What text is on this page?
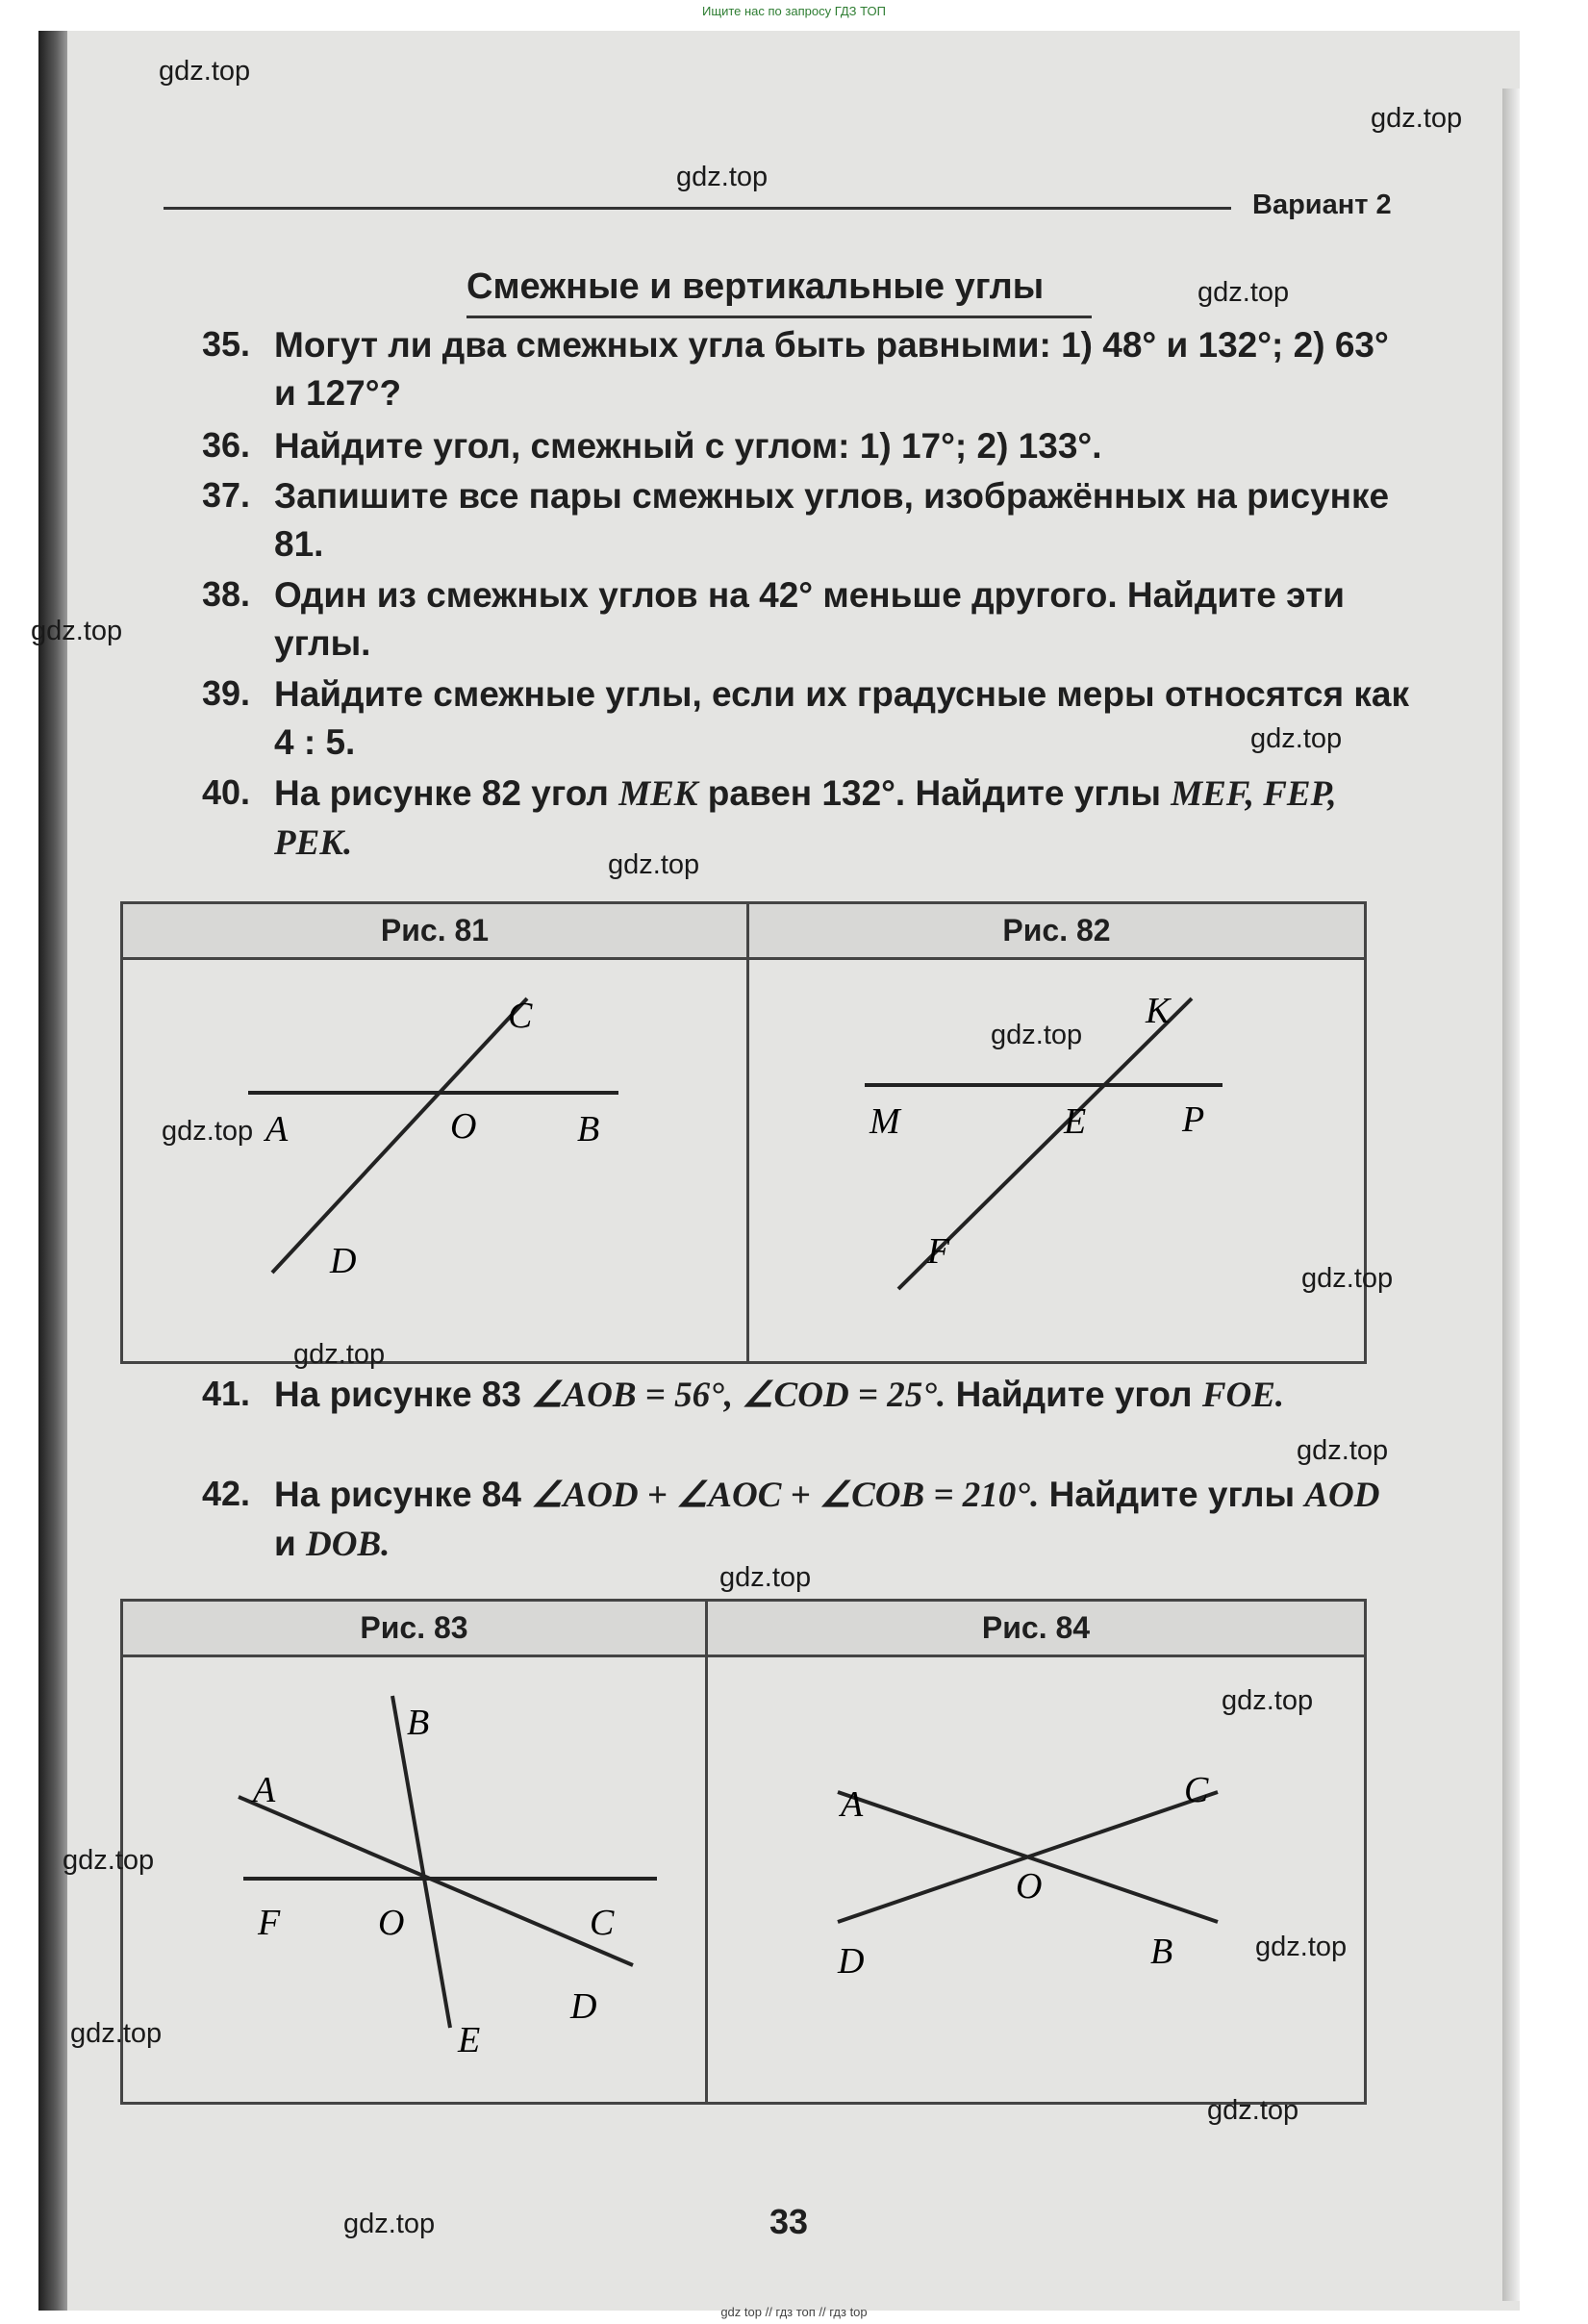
Ищите нас по запросу ГДЗ ТОП
Вариант 2
Смежные и вертикальные углы
35. Могут ли два смежных угла быть равными: 1) 48° и 132°; 2) 63° и 127°?
36. Найдите угол, смежный с углом: 1) 17°; 2) 133°.
37. Запишите все пары смежных углов, изображённых на рисунке 81.
38. Один из смежных углов на 42° меньше другого. Найдите эти углы.
39. Найдите смежные углы, если их градусные меры относятся как 4 : 5.
40. На рисунке 82 угол MEK равен 132°. Найдите углы MEF, FEP, PEK.
Рис. 81	Рис. 82
A	O	B
C
D
K
M	E	P
F
41. На рисунке 83 ∠AOB = 56°, ∠COD = 25°. Найдите угол FOE.
42. На рисунке 84 ∠AOD + ∠AOC + ∠COB = 210°. Найдите углы AOD и DOB.
Рис. 83	Рис. 84
A
B
F	O	C
D
E
A	C
O
D	B
33
gdz.top
gdz.top
gdz.top
gdz.top
gdz.top
gdz.top
gdz.top
gdz.top
gdz.top
gdz.top
gdz.top
gdz.top
gdz.top
gdz.top
gdz.top
gdz.top
gdz.top
gdz.top
gdz.top
gdz top // гдз топ // гдз top
